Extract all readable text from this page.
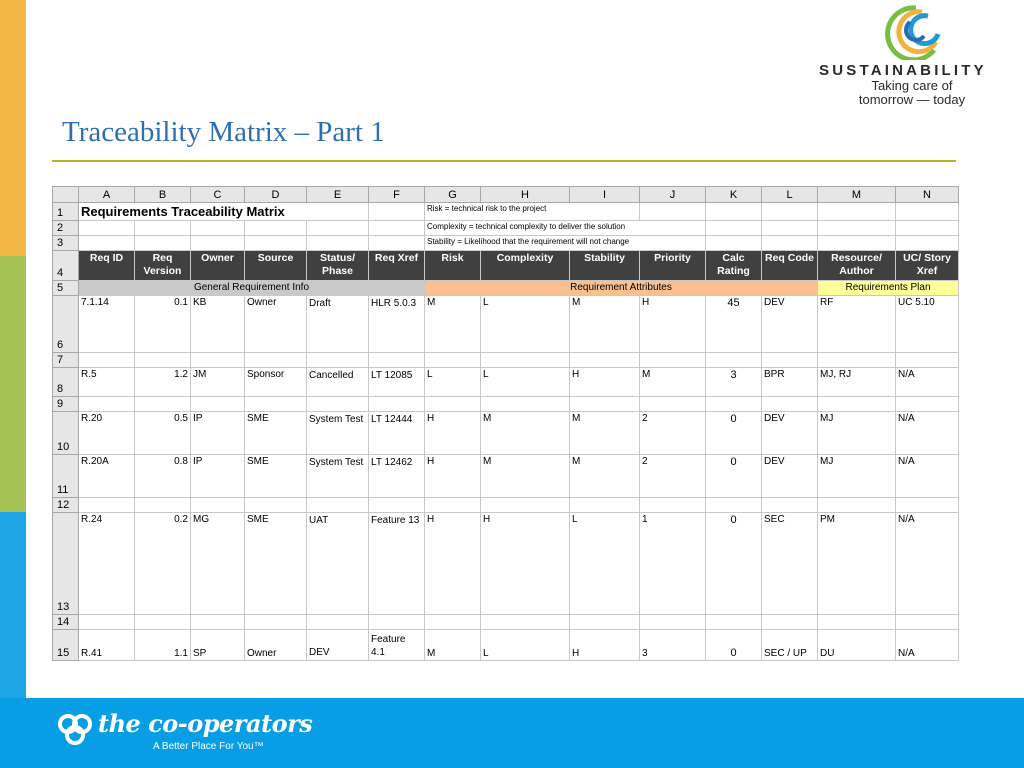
SUSTAINABILITY
Taking care of
tomorrow — today
Traceability Matrix – Part 1
	A	B	C	D	E	F	G	H	I	J	K	L	M	N
1	Requirements Traceability Matrix						Risk = technical risk to the project							
2							Complexity = technical complexity to deliver the solution							
3							Stability = Likelihood that the requirement will not change							
4	Req ID	Req Version	Owner	Source	Status/ Phase	Req Xref	Risk	Complexity	Stability	Priority	Calc Rating	Req Code	Resource/ Author	UC/ Story Xref
5	General Requirement Info						Requirement Attributes						Requirements Plan	
6	7.1.14	0.1	KB	Owner	Draft	HLR 5.0.3	M	L	M	H	45	DEV	RF	UC 5.10
7														
8	R.5	1.2	JM	Sponsor	Cancelled	LT 12085	L	L	H	M	3	BPR	MJ, RJ	N/A
9														
10	R.20	0.5	IP	SME	System Test	LT 12444	H	M	M	2	0	DEV	MJ	N/A
11	R.20A	0.8	IP	SME	System Test	LT 12462	H	M	M	2	0	DEV	MJ	N/A
12														
13	R.24	0.2	MG	SME	UAT	Feature 13	H	H	L	1	0	SEC	PM	N/A
14														
15	R.41	1.1	SP	Owner	DEV	Feature 4.1	M	L	H	3	0	SEC / UP	DU	N/A
the co-operators
A Better Place For You™
